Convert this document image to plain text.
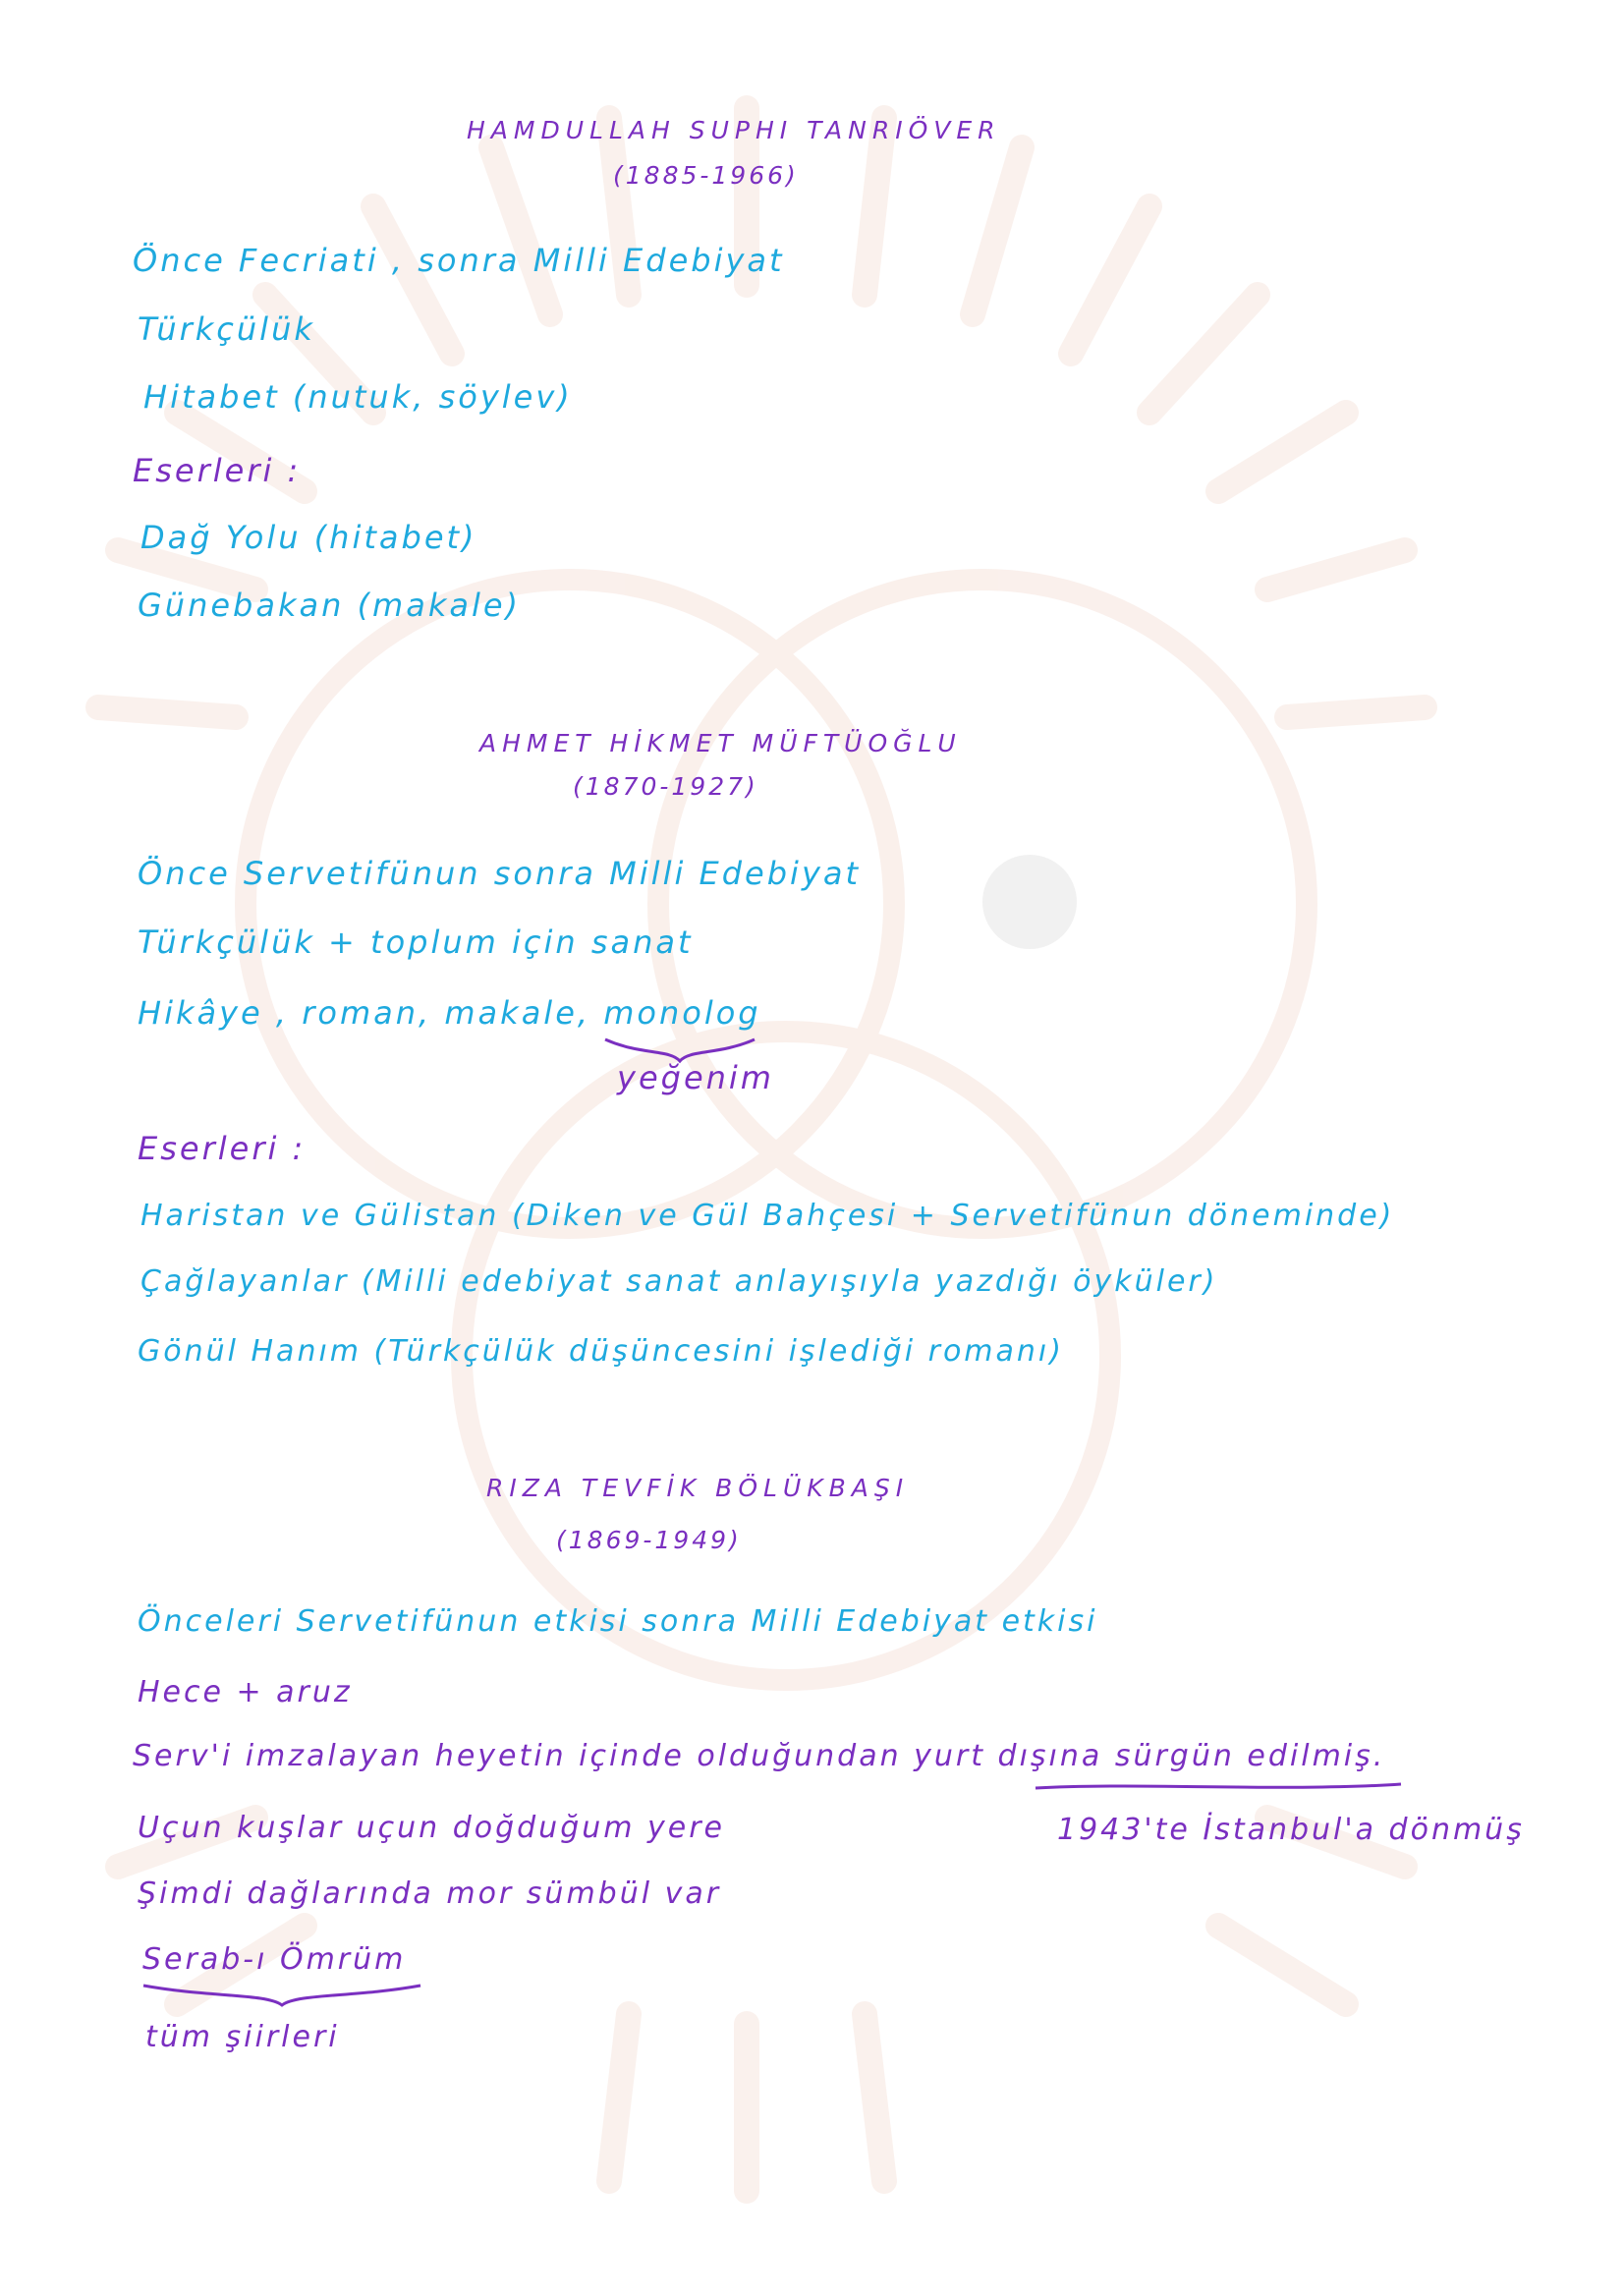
HAMDULLAH SUPHI TANRIÖVER
(1885-1966)
Önce Fecriati , sonra Milli Edebiyat
Türkçülük
Hitabet (nutuk, söylev)
Eserleri :
Dağ Yolu (hitabet)
Günebakan (makale)
AHMET HİKMET MÜFTÜOĞLU
(1870-1927)
Önce Servetifünun sonra Milli Edebiyat
Türkçülük + toplum için sanat
Hikâye , roman, makale, monolog
yeğenim
Eserleri :
Haristan ve Gülistan (Diken ve Gül Bahçesi + Servetifünun döneminde)
Çağlayanlar (Milli edebiyat sanat anlayışıyla yazdığı öyküler)
Gönül Hanım (Türkçülük düşüncesini işlediği romanı)
RIZA TEVFİK BÖLÜKBAŞI
(1869-1949)
Önceleri Servetifünun etkisi sonra Milli Edebiyat etkisi
Hece + aruz
Serv'i imzalayan heyetin içinde olduğundan yurt dışına sürgün edilmiş.
Uçun kuşlar uçun doğduğum yere	1943'te İstanbul'a dönmüş
Şimdi dağlarında mor sümbül var
Serab-ı Ömrüm
tüm şiirleri
